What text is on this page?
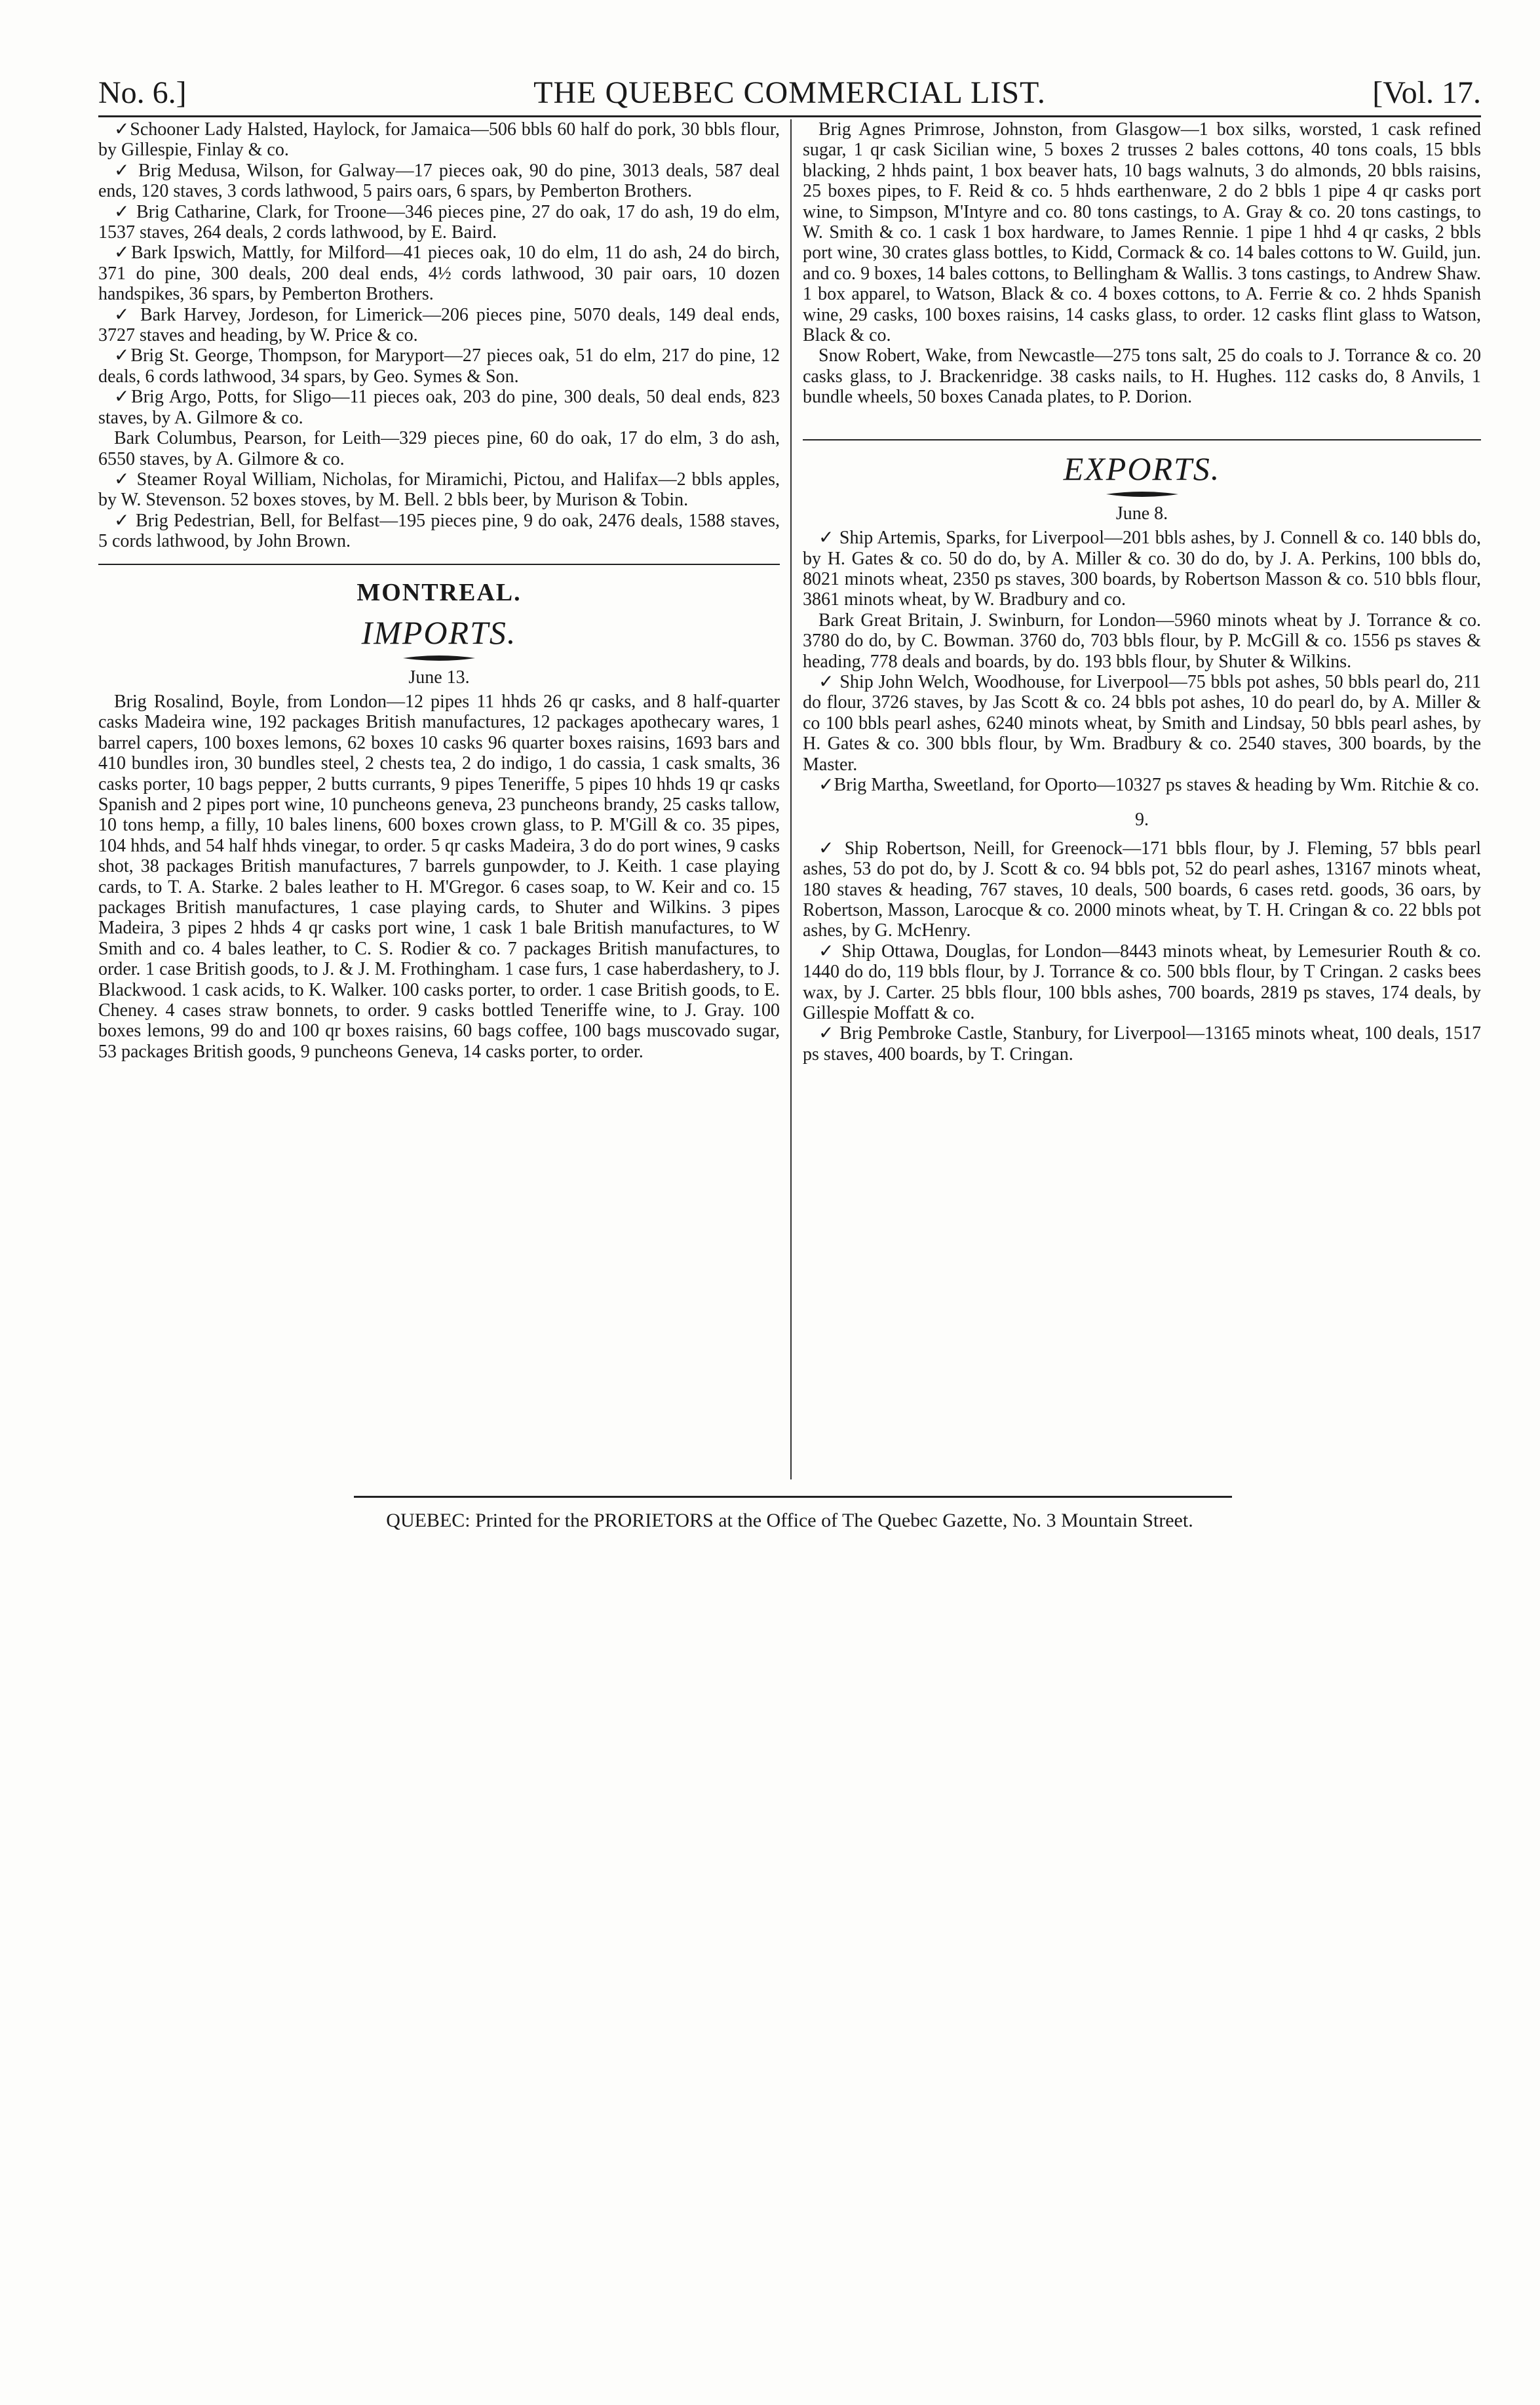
THE QUEBEC COMMERCIAL LIST.
No. 6.]	[Vol. 17.

✓Schooner Lady Halsted, Haylock, for Jamaica—506 bbls 60 half do pork, 30 bbls flour, by Gillespie, Finlay & co.

✓ Brig Medusa, Wilson, for Galway—17 pieces oak, 90 do pine, 3013 deals, 587 deal ends, 120 staves, 3 cords lathwood, 5 pairs oars, 6 spars, by Pemberton Brothers.

✓ Brig Catharine, Clark, for Troone—346 pieces pine, 27 do oak, 17 do ash, 19 do elm, 1537 staves, 264 deals, 2 cords lathwood, by E. Baird.

✓Bark Ipswich, Mattly, for Milford—41 pieces oak, 10 do elm, 11 do ash, 24 do birch, 371 do pine, 300 deals, 200 deal ends, 4½ cords lathwood, 30 pair oars, 10 dozen handspikes, 36 spars, by Pemberton Brothers.

✓ Bark Harvey, Jordeson, for Limerick—206 pieces pine, 5070 deals, 149 deal ends, 3727 staves and heading, by W. Price & co.

✓Brig St. George, Thompson, for Maryport—27 pieces oak, 51 do elm, 217 do pine, 12 deals, 6 cords lathwood, 34 spars, by Geo. Symes & Son.

✓Brig Argo, Potts, for Sligo—11 pieces oak, 203 do pine, 300 deals, 50 deal ends, 823 staves, by A. Gilmore & co.

Bark Columbus, Pearson, for Leith—329 pieces pine, 60 do oak, 17 do elm, 3 do ash, 6550 staves, by A. Gilmore & co.

✓ Steamer Royal William, Nicholas, for Miramichi, Pictou, and Halifax—2 bbls apples, by W. Stevenson. 52 boxes stoves, by M. Bell. 2 bbls beer, by Murison & Tobin.

✓ Brig Pedestrian, Bell, for Belfast—195 pieces pine, 9 do oak, 2476 deals, 1588 staves, 5 cords lathwood, by John Brown.

MONTREAL.
IMPORTS.
June 13.

Brig Rosalind, Boyle, from London—12 pipes 11 hhds 26 qr casks, and 8 half-quarter casks Madeira wine, 192 packages British manufactures, 12 packages apothecary wares, 1 barrel capers, 100 boxes lemons, 62 boxes 10 casks 96 quarter boxes raisins, 1693 bars and 410 bundles iron, 30 bundles steel, 2 chests tea, 2 do indigo, 1 do cassia, 1 cask smalts, 36 casks porter, 10 bags pepper, 2 butts currants, 9 pipes Teneriffe, 5 pipes 10 hhds 19 qr casks Spanish and 2 pipes port wine, 10 puncheons geneva, 23 puncheons brandy, 25 casks tallow, 10 tons hemp, a filly, 10 bales linens, 600 boxes crown glass, to P. M'Gill & co. 35 pipes, 104 hhds, and 54 half hhds vinegar, to order. 5 qr casks Madeira, 3 do do port wines, 9 casks shot, 38 packages British manufactures, 7 barrels gunpowder, to J. Keith. 1 case playing cards, to T. A. Starke. 2 bales leather to H. M'Gregor. 6 cases soap, to W. Keir and co. 15 packages British manufactures, 1 case playing cards, to Shuter and Wilkins. 3 pipes Madeira, 3 pipes 2 hhds 4 qr casks port wine, 1 cask 1 bale British manufactures, to W Smith and co. 4 bales leather, to C. S. Rodier & co. 7 packages British manufactures, to order. 1 case British goods, to J. & J. M. Frothingham. 1 case furs, 1 case haberdashery, to J. Blackwood. 1 cask acids, to K. Walker. 100 casks porter, to order. 1 case British goods, to E. Cheney. 4 cases straw bonnets, to order. 9 casks bottled Teneriffe wine, to J. Gray. 100 boxes lemons, 99 do and 100 qr boxes raisins, 60 bags coffee, 100 bags muscovado sugar, 53 packages British goods, 9 puncheons Geneva, 14 casks porter, to order.

Brig Agnes Primrose, Johnston, from Glasgow—1 box silks, worsted, 1 cask refined sugar, 1 qr cask Sicilian wine, 5 boxes 2 trusses 2 bales cottons, 40 tons coals, 15 bbls blacking, 2 hhds paint, 1 box beaver hats, 10 bags walnuts, 3 do almonds, 20 bbls raisins, 25 boxes pipes, to F. Reid & co. 5 hhds earthenware, 2 do 2 bbls 1 pipe 4 qr casks port wine, to Simpson, M'Intyre and co. 80 tons castings, to A. Gray & co. 20 tons castings, to W. Smith & co. 1 cask 1 box hardware, to James Rennie. 1 pipe 1 hhd 4 qr casks, 2 bbls port wine, 30 crates glass bottles, to Kidd, Cormack & co. 14 bales cottons to W. Guild, jun. and co. 9 boxes, 14 bales cottons, to Bellingham & Wallis. 3 tons castings, to Andrew Shaw. 1 box apparel, to Watson, Black & co. 4 boxes cottons, to A. Ferrie & co. 2 hhds Spanish wine, 29 casks, 100 boxes raisins, 14 casks glass, to order. 12 casks flint glass to Watson, Black & co.

Snow Robert, Wake, from Newcastle—275 tons salt, 25 do coals to J. Torrance & co. 20 casks glass, to J. Brackenridge. 38 casks nails, to H. Hughes. 112 casks do, 8 Anvils, 1 bundle wheels, 50 boxes Canada plates, to P. Dorion.

EXPORTS.
June 8.

✓ Ship Artemis, Sparks, for Liverpool—201 bbls ashes, by J. Connell & co. 140 bbls do, by H. Gates & co. 50 do do, by A. Miller & co. 30 do do, by J. A. Perkins, 100 bbls do, 8021 minots wheat, 2350 ps staves, 300 boards, by Robertson Masson & co. 510 bbls flour, 3861 minots wheat, by W. Bradbury and co.

Bark Great Britain, J. Swinburn, for London—5960 minots wheat by J. Torrance & co. 3780 do do, by C. Bowman. 3760 do, 703 bbls flour, by P. McGill & co. 1556 ps staves & heading, 778 deals and boards, by do. 193 bbls flour, by Shuter & Wilkins.

✓ Ship John Welch, Woodhouse, for Liverpool—75 bbls pot ashes, 50 bbls pearl do, 211 do flour, 3726 staves, by Jas Scott & co. 24 bbls pot ashes, 10 do pearl do, by A. Miller & co 100 bbls pearl ashes, 6240 minots wheat, by Smith and Lindsay, 50 bbls pearl ashes, by H. Gates & co. 300 bbls flour, by Wm. Bradbury & co. 2540 staves, 300 boards, by the Master.

✓Brig Martha, Sweetland, for Oporto—10327 ps staves & heading by Wm. Ritchie & co.

9.

✓ Ship Robertson, Neill, for Greenock—171 bbls flour, by J. Fleming, 57 bbls pearl ashes, 53 do pot do, by J. Scott & co. 94 bbls pot, 52 do pearl ashes, 13167 minots wheat, 180 staves & heading, 767 staves, 10 deals, 500 boards, 6 cases retd. goods, 36 oars, by Robertson, Masson, Larocque & co. 2000 minots wheat, by T. H. Cringan & co. 22 bbls pot ashes, by G. McHenry.

✓ Ship Ottawa, Douglas, for London—8443 minots wheat, by Lemesurier Routh & co. 1440 do do, 119 bbls flour, by J. Torrance & co. 500 bbls flour, by T Cringan. 2 casks bees wax, by J. Carter. 25 bbls flour, 100 bbls ashes, 700 boards, 2819 ps staves, 174 deals, by Gillespie Moffatt & co.

✓ Brig Pembroke Castle, Stanbury, for Liverpool—13165 minots wheat, 100 deals, 1517 ps staves, 400 boards, by T. Cringan.

QUEBEC: Printed for the PRORIETORS at the Office of The Quebec Gazette, No. 3 Mountain Street.
